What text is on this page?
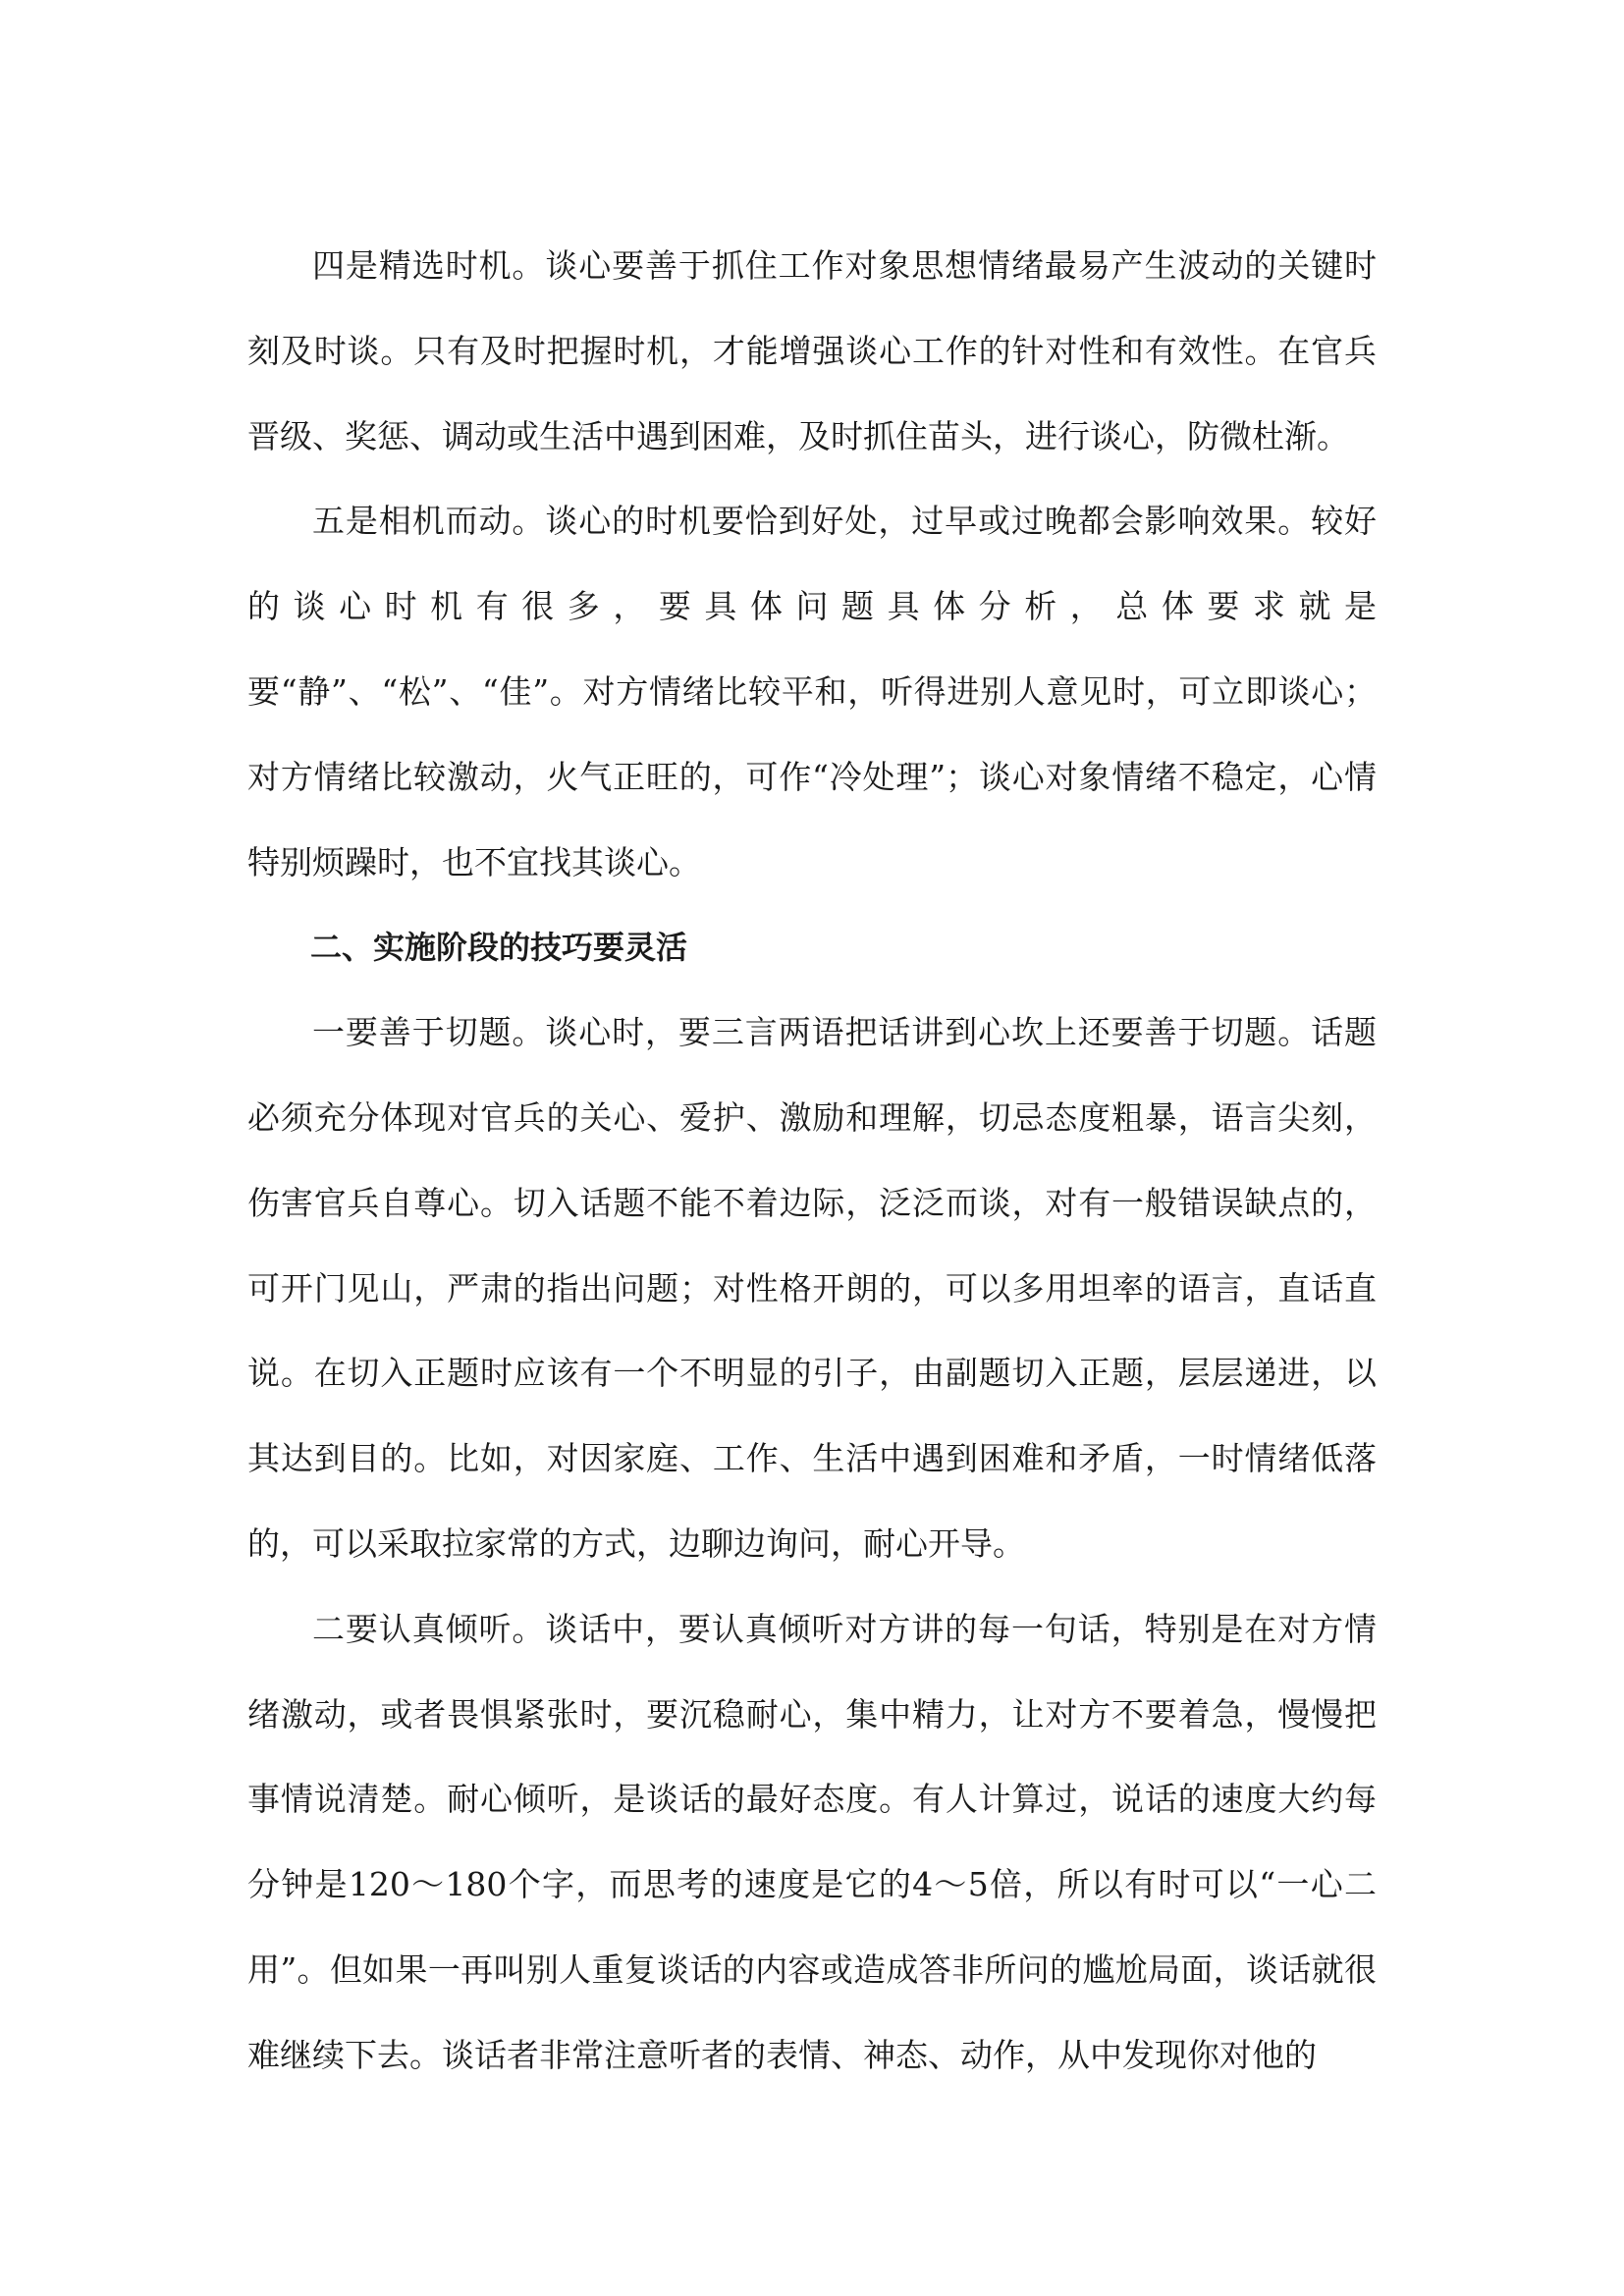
四是精选时机。谈心要善于抓住工作对象思想情绪最易产生波动的关键时刻及时谈。只有及时把握时机，才能增强谈心工作的针对性和有效性。在官兵晋级、奖惩、调动或生活中遇到困难，及时抓住苗头，进行谈心，防微杜渐。

五是相机而动。谈心的时机要恰到好处，过早或过晚都会影响效果。较好的谈心时机有很多，要具体问题具体分析，总体要求就是要“静”、“松”、“佳”。对方情绪比较平和，听得进别人意见时，可立即谈心；对方情绪比较激动，火气正旺的，可作“冷处理”；谈心对象情绪不稳定，心情特别烦躁时，也不宜找其谈心。

二、实施阶段的技巧要灵活

一要善于切题。谈心时，要三言两语把话讲到心坎上还要善于切题。话题必须充分体现对官兵的关心、爱护、激励和理解，切忌态度粗暴，语言尖刻，伤害官兵自尊心。切入话题不能不着边际，泛泛而谈，对有一般错误缺点的，可开门见山，严肃的指出问题；对性格开朗的，可以多用坦率的语言，直话直说。在切入正题时应该有一个不明显的引子，由副题切入正题，层层递进，以其达到目的。比如，对因家庭、工作、生活中遇到困难和矛盾，一时情绪低落的，可以采取拉家常的方式，边聊边询问，耐心开导。

二要认真倾听。谈话中，要认真倾听对方讲的每一句话，特别是在对方情绪激动，或者畏惧紧张时，要沉稳耐心，集中精力，让对方不要着急，慢慢把事情说清楚。耐心倾听，是谈话的最好态度。有人计算过，说话的速度大约每分钟是120～180个字，而思考的速度是它的4～5倍，所以有时可以“一心二用”。但如果一再叫别人重复谈话的内容或造成答非所问的尴尬局面，谈话就很难继续下去。谈话者非常注意听者的表情、神态、动作，从中发现你对他的
